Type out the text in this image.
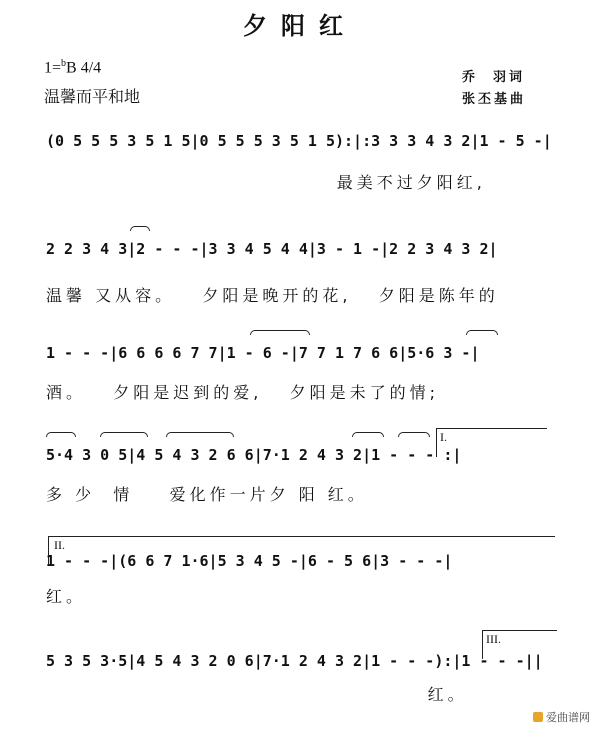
夕阳红
1=$^b$B 4/4
温馨而平和地
乔  羽词
张丕基曲
(0 5 5 5 3 5 1 5|0 5 5 5 3 5 1 5):|:3 3 3 4 3 2|1 - 5 -|
最美不过夕阳红,
2 2 3 4 3|2 - - -|3 3 4 5 4 4|3 - 1 -|2 2 3 4 3 2|
温馨 又从容。   夕阳是晚开的花,   夕阳是陈年的
1 - - -|6 6 6 6 7 7|1 - 6 -|7 7 1 7 6 6|5·6 3 -|
酒。   夕阳是迟到的爱,   夕阳是未了的情;
I.
5·4 3 0 5|4 5 4 3 2 6 6|7·1 2 4 3 2|1 - - - :|
多 少  情    爱化作一片夕 阳 红。
II.
1 - - -|(6 6 7 1·6|5 3 4 5 -|6 - 5 6|3 - - -|
红。
III.
5 3 5 3·5|4 5 4 3 2 0 6|7·1 2 4 3 2|1 - - -):|1 - - -||
红。
爱曲谱网
